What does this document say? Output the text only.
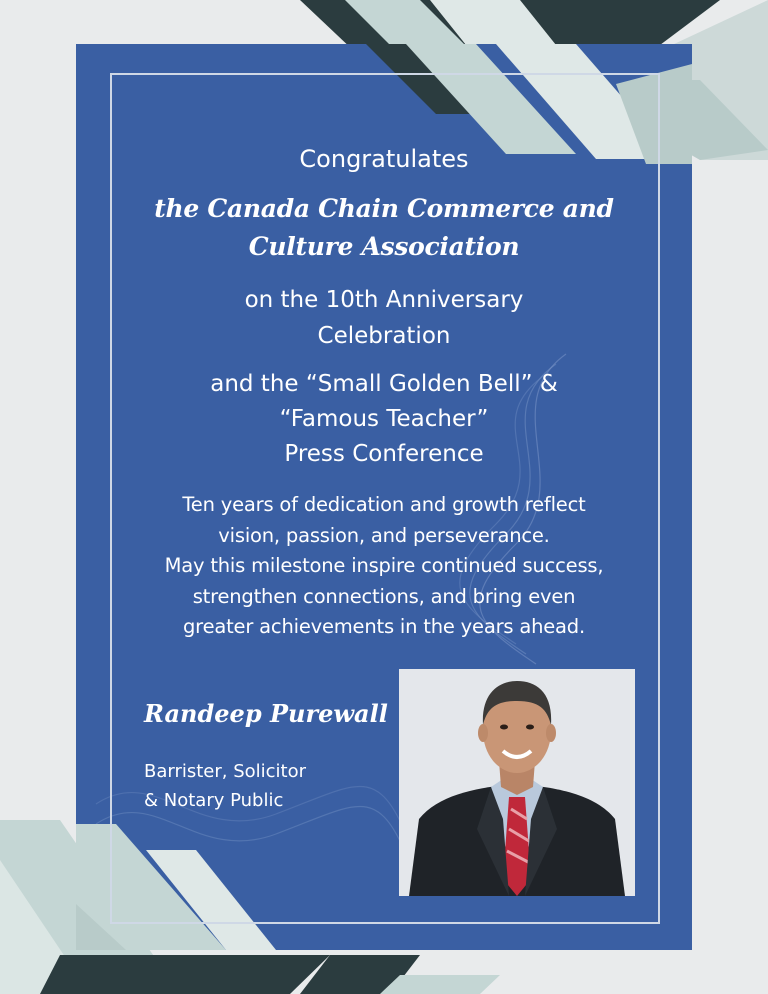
Congratulates
the Canada Chain Commerce and
Culture Association
on the 10th Anniversary
Celebration
and the “Small Golden Bell” &
“Famous Teacher”
Press Conference
Ten years of dedication and growth reflect
vision, passion, and perseverance.
May this milestone inspire continued success,
strengthen connections, and bring even
greater achievements in the years ahead.
Randeep Purewall
Barrister, Solicitor
& Notary Public
